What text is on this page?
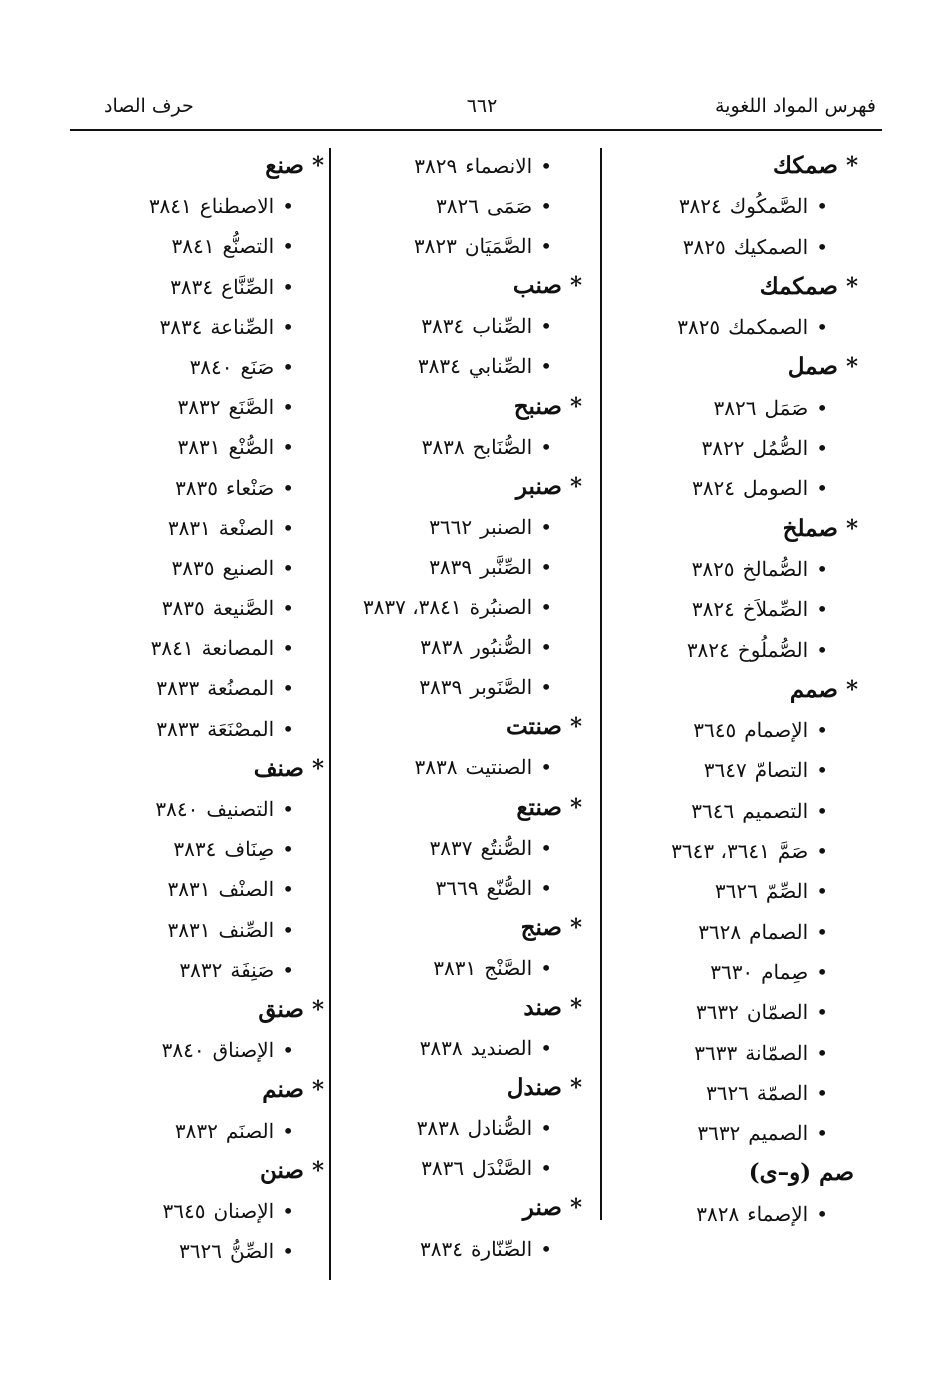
فهرس المواد اللغوية
٦٦٢
حرف الصاد
*صمكك
•الصَّمكُوك٣٨٢٤
•الصمكيك٣٨٢٥
*صمكمك
•الصمكمك٣٨٢٥
*صمل
•صَمَل٣٨٢٦
•الصُّمُل٣٨٢٢
•الصومل٣٨٢٤
*صملخ
•الصُّمالخ٣٨٢٥
•الصِّملاَخ٣٨٢٤
•الصُّملُوخ٣٨٢٤
*صمم
•الإصمام٣٦٤٥
•التصامّ٣٦٤٧
•التصميم٣٦٤٦
•صَمَّ٣٦٤١، ٣٦٤٣
•الصِّمّ٣٦٢٦
•الصمام٣٦٢٨
•صِمام٣٦٣٠
•الصمّان٣٦٣٢
•الصمّانة٣٦٣٣
•الصمّة٣٦٢٦
•الصميم٣٦٣٢
صم (و–ى)
•الإصماء٣٨٢٨
•الانصماء٣٨٢٩
•صَمَى٣٨٢٦
•الصَّمَيَان٣٨٢٣
*صنب
•الصِّناب٣٨٣٤
•الصِّنابي٣٨٣٤
*صنبح
•الصُّنَابح٣٨٣٨
*صنبر
•الصنبر٣٦٦٢
•الصِّنَّبر٣٨٣٩
•الصنبُرة٣٨٤١، ٣٨٣٧
•الصُّنبُور٣٨٣٨
•الصَّنَوبر٣٨٣٩
*صنتت
•الصنتيت٣٨٣٨
*صنتع
•الصُّنتُع٣٨٣٧
•الصُّنّع٣٦٦٩
*صنج
•الصَّنْج٣٨٣١
*صند
•الصنديد٣٨٣٨
*صندل
•الصُّنادل٣٨٣٨
•الصَّنْدَل٣٨٣٦
*صنر
•الصِّنّارة٣٨٣٤
*صنع
•الاصطناع٣٨٤١
•التصنُّع٣٨٤١
•الصِّنَّاع٣٨٣٤
•الصِّناعة٣٨٣٤
•صَنَع٣٨٤٠
•الصَّنَع٣٨٣٢
•الصُّنْع٣٨٣١
•صَنْعاء٣٨٣٥
•الصنْعة٣٨٣١
•الصنيع٣٨٣٥
•الصَّنيعة٣٨٣٥
•المصانعة٣٨٤١
•المصنُعة٣٨٣٣
•المصْنَعَة٣٨٣٣
*صنف
•التصنيف٣٨٤٠
•صِنَاف٣٨٣٤
•الصنْف٣٨٣١
•الصِّنف٣٨٣١
•صَنِفَة٣٨٣٢
*صنق
•الإصناق٣٨٤٠
*صنم
•الصنَم٣٨٣٢
*صنن
•الإصنان٣٦٤٥
•الصِّنُّ٣٦٢٦
